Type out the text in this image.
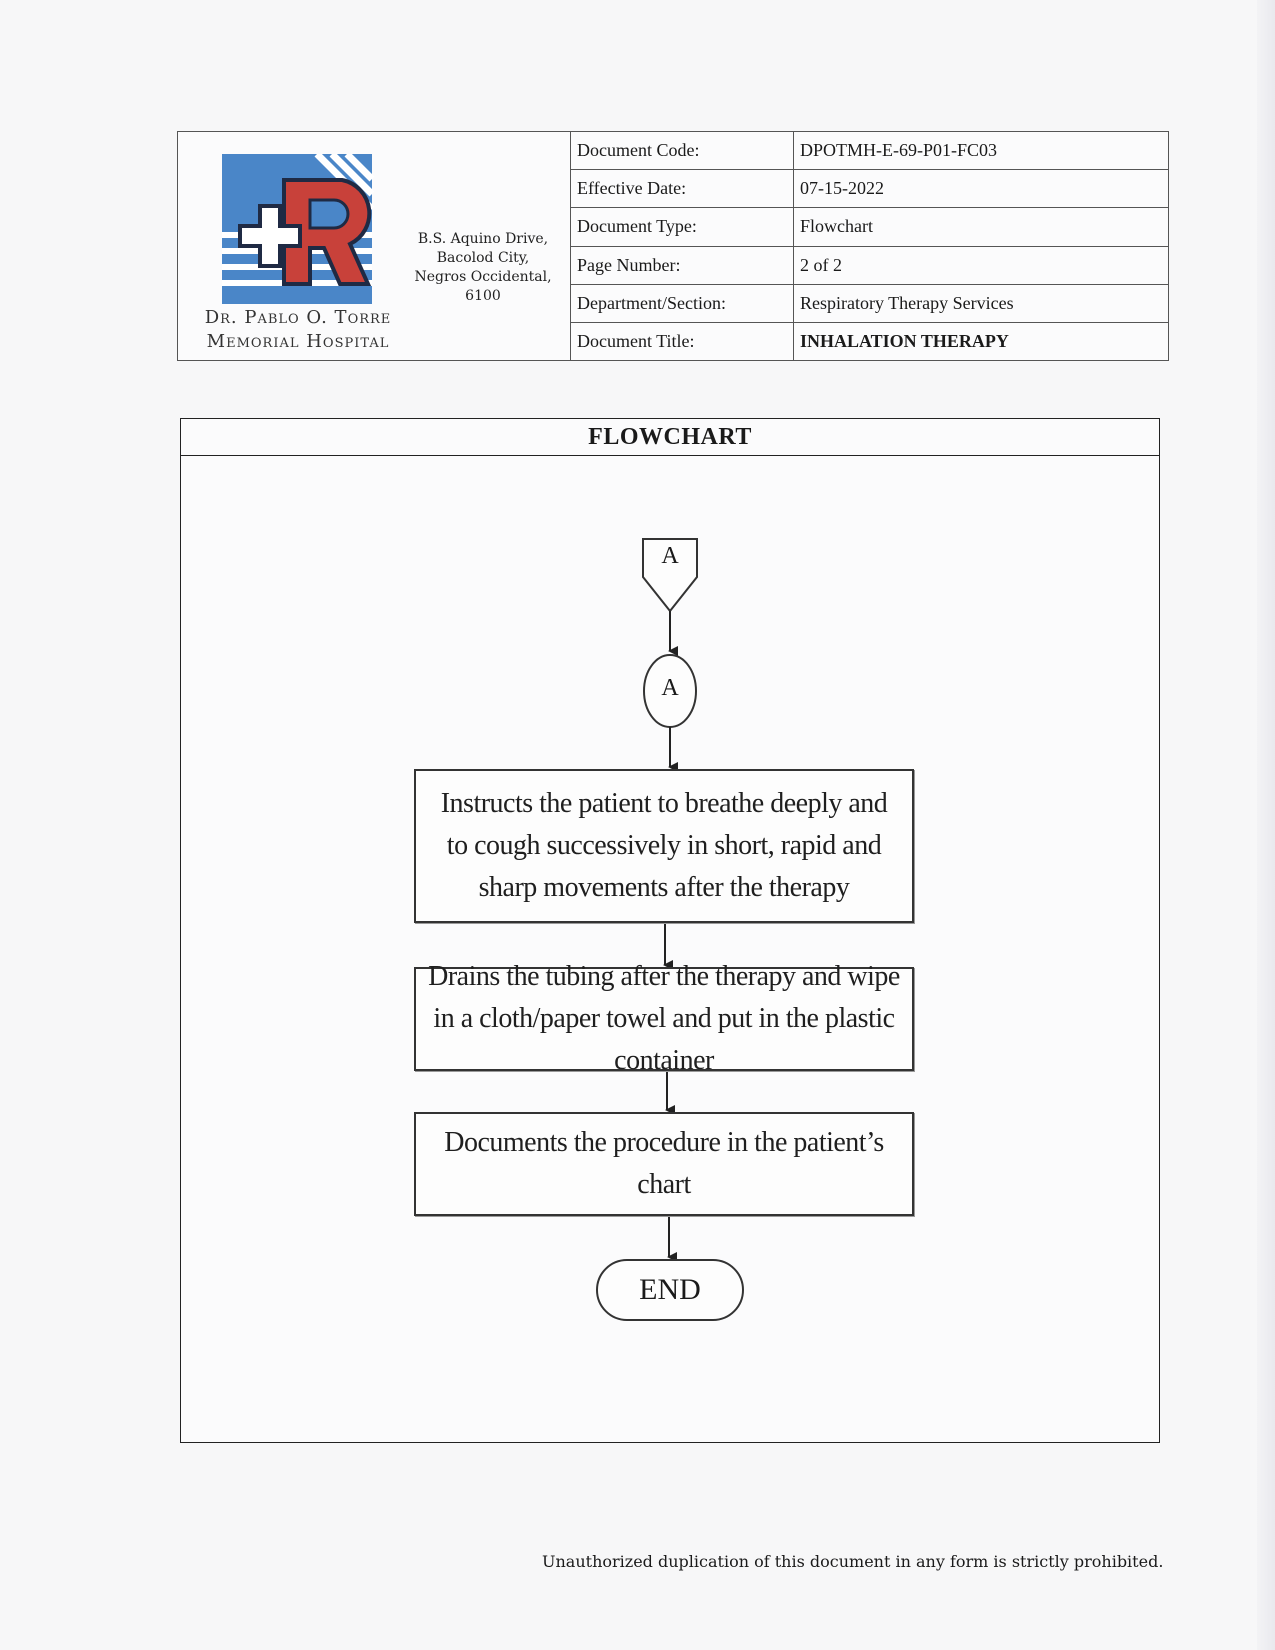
Dr. Pablo O. Torre
Memorial Hospital
B.S. Aquino Drive,
Bacolod City,
Negros Occidental,
6100
Document Code:	DPOTMH-E-69-P01-FC03
Effective Date:	07-15-2022
Document Type:	Flowchart
Page Number:	2 of 2
Department/Section:	Respiratory Therapy Services
Document Title:	INHALATION THERAPY
FLOWCHART
A
A
Instructs the patient to breathe deeply and to cough successively in short, rapid and sharp movements after the therapy
Drains the tubing after the therapy and wipe in a cloth/paper towel and put in the plastic container
Documents the procedure in the patient’s chart
END
Unauthorized duplication of this document in any form is strictly prohibited.
